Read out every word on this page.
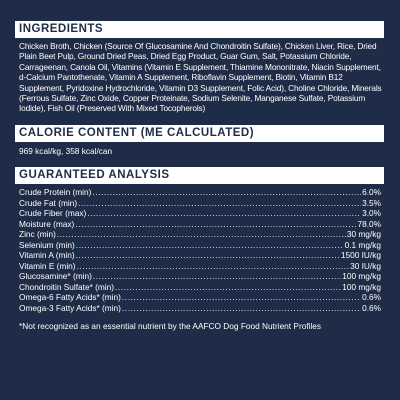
INGREDIENTS
Chicken Broth, Chicken (Source Of Glucosamine And Chondroitin Sulfate), Chicken Liver, Rice, Dried Plain Beet Pulp, Ground Dried Peas, Dried Egg Product, Guar Gum, Salt, Potassium Chloride, Carrageenan, Canola Oil, Vitamins (Vitamin E Supplement, Thiamine Mononitrate, Niacin Supplement, d-Calcium Pantothenate, Vitamin A Supplement, Riboflavin Supplement, Biotin, Vitamin B12 Supplement, Pyridoxine Hydrochloride, Vitamin D3 Supplement, Folic Acid), Choline Chloride, Minerals (Ferrous Sulfate, Zinc Oxide, Copper Proteinate, Sodium Selenite, Manganese Sulfate, Potassium Iodide), Fish Oil (Preserved With Mixed Tocopherols)
CALORIE CONTENT (ME CALCULATED)
969 kcal/kg, 358 kcal/can
GUARANTEED ANALYSIS
Crude Protein (min) .....	6.0%
Crude Fat (min) .....	3.5%
Crude Fiber (max) .....	3.0%
Moisture (max) .....	78.0%
Zinc (min) .....	30 mg/kg
Selenium (min) .....	0.1 mg/kg
Vitamin A (min) .....	1500 IU/kg
Vitamin E (min) .....	30 IU/kg
Glucosamine* (min) .....	100 mg/kg
Chondroitin Sulfate* (min) .....	100 mg/kg
Omega-6 Fatty Acids* (min) .....	0.6%
Omega-3 Fatty Acids* (min) .....	0.6%
*Not recognized as an essential nutrient by the AAFCO Dog Food Nutrient Profiles
